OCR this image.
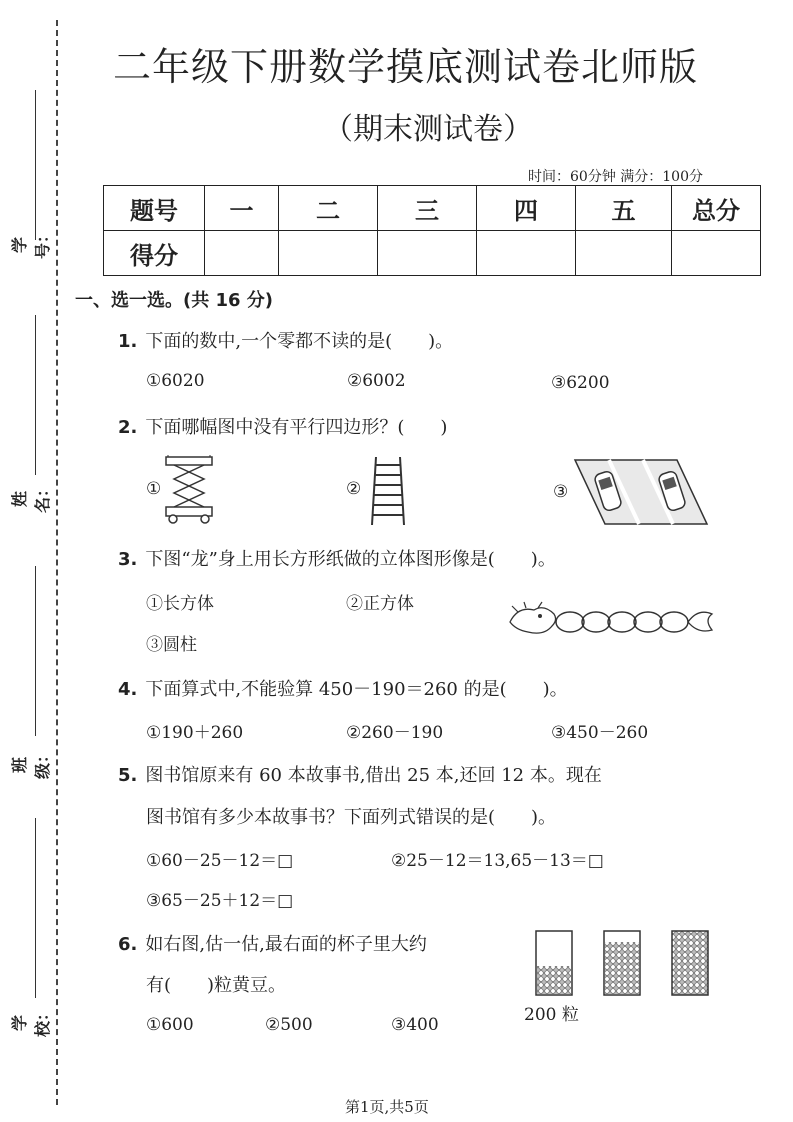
学号：
姓名：
班级：
学校：
二年级下册数学摸底测试卷北师版
（期末测试卷）
时间：60分钟 满分：100分
题号	一	二	三	四	五	总分
得分						
一、选一选。(共 16 分)
1. 下面的数中,一个零都不读的是(　　)。
①6020	②6002	③6200
2. 下面哪幅图中没有平行四边形？(　　)
①	②	③
3. 下图“龙”身上用长方形纸做的立体图形像是(　　)。
①长方体	②正方体
③圆柱
4. 下面算式中,不能验算 450－190＝260 的是(　　)。
①190＋260	②260－190	③450－260
5. 图书馆原来有 60 本故事书,借出 25 本,还回 12 本。现在
图书馆有多少本故事书？下面列式错误的是(　　)。
①60－25－12＝□	②25－12＝13,65－13＝□
③65－25＋12＝□
6. 如右图,估一估,最右面的杯子里大约
有(　　)粒黄豆。
①600	②500	③400	200 粒
第1页,共5页
